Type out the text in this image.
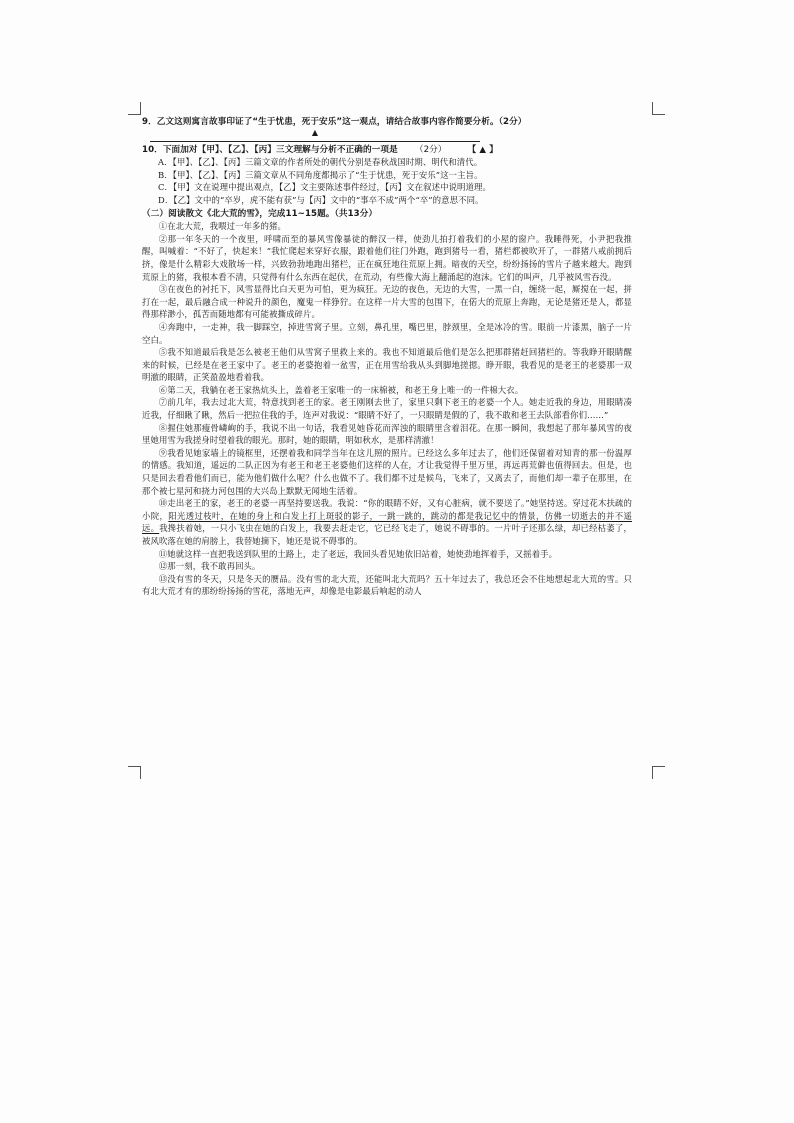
9．乙文这则寓言故事印证了“生于忧患，死于安乐”这一观点，请结合故事内容作简要分析。（2分）
▲
10．下面加对【甲】、【乙】、【丙】三文理解与分析不正确的一项是 （2分） 【 ▲ 】
A．【甲】、【乙】、【丙】三篇文章的作者所处的朝代分别是春秋战国时期、明代和清代。
B．【甲】、【乙】、【丙】三篇文章从不同角度都揭示了“生于忧患，死于安乐”这一主旨。
C．【甲】文在说理中提出观点，【乙】文主要陈述事件经过，【丙】文在叙述中说明道理。
D．【乙】文中的“卒岁，虎不能有获”与【丙】文中的“事卒不成”两个“卒”的意思不同。
（二）阅读散文《北大荒的雪》，完成11~15题。（共13分）
①在北大荒，我喂过一年多的猪。
②那一年冬天的一个夜里，呼啸而至的暴风雪像暴徒的醉汉一样，使劲儿拍打着我们的小屋的窗户。我睡得死，小尹把我推醒，叫喊着：“不好了，快起来！”我忙爬起来穿好衣服，跟着他们往门外跑，跑到猪号一看，猪栏都被吹开了，一群猪八戒前拥后挤，像是什么精彩大戏散场一样，兴致勃勃地跑出猪栏，正在疯狂地往荒原上拥。暗夜的天空，纷纷扬扬的雪片子越来越大。跑到荒原上的猪，我根本看不清，只觉得有什么东西在起伏，在荒动，有些像大海上翻涌起的泡沫。它们的叫声，几乎被风雪吞没。
③在夜色的衬托下，风雪显得比白天更为可怕，更为疯狂。无边的夜色，无边的大雪，一黑一白，缠绕一起，厮搅在一起，拼打在一起，最后融合成一种说升的颜色，魔鬼一样狰狞。在这样一片大雪的包围下，在偌大的荒原上奔跑，无论是猪还是人，都显得那样渺小，孤苦而随地都有可能被撕成碎片。
④奔跑中，一走神，我一脚踩空，掉进雪窝子里。立刻，鼻孔里，嘴巴里，脖颈里，全是冰冷的雪。眼前一片漆黑，脑子一片空白。
⑤我不知道最后我是怎么被老王他们从雪窝子里救上来的。我也不知道最后他们是怎么把那群猪赶回猪栏的。等我睁开眼睛醒来的时候，已经是在老王家中了。老王的老婆抱着一盆雪，正在用雪给我从头到脚地搓摁。睁开眼，我看见的是老王的老婆那一双明澈的眼睛，正笑盈盈地看着我。
⑥第二天，我躺在老王家热炕头上，盖着老王家唯一的一床棉被，和老王身上唯一的一件棉大衣。
⑦前几年，我去过北大荒，特意找到老王的家。老王刚刚去世了，家里只剩下老王的老婆一个人。她走近我的身边，用眼睛凑近我，仔细瞅了瞅，然后一把拉住我的手，连声对我说：“眼睛不好了，一只眼睛是假的了，我不敢和老王去队部看你们……”
⑧握住她那瘦骨嶙峋的手，我说不出一句话，我看见她昏花而浑浊的眼睛里含着泪花。在那一瞬间，我想起了那年暴风雪的夜里她用雪为我搓身时望着我的眼光。那时，她的眼睛，明如秋水，是那样清澈！
⑨我看见她家墙上的镜框里，还摆着我和同学当年在这儿照的照片。已经这么多年过去了，他们还保留着对知青的那一份温厚的情感。我知道，遥远的二队正因为有老王和老王老婆他们这样的人在，才让我觉得千里万里，再远再荒僻也值得回去。但是，也只是回去看看他们而已，能为他们做什么呢？什么也做不了。我们都不过是候鸟，飞来了，又离去了，而他们却一辈子在那里，在那个被七星河和挠力河包围的大兴岛上默默无闻地生活着。
⑩走出老王的家，老王的老婆一再坚持要送我。我说：“你的眼睛不好，又有心脏病，就不要送了。”她坚持送。穿过花木扶疏的小院，阳光透过枝叶，在她的身上和白发上打上斑驳的影子，一跳一跳的，跳动的都是我记忆中的情景，仿佛一切逝去的并不遥远。我搀扶着她，一只小飞虫在她的白发上，我要去赶走它，它已经飞走了，她说不碍事的。一片叶子还那么绿，却已经枯萎了，被风吹落在她的肩膀上，我替她摘下，她还是说不碍事的。
⑪她就这样一直把我送到队里的土路上，走了老远，我回头看见她依旧站着，她使劲地挥着手，又摇着手。
⑫那一刻，我不敢再回头。
⑬没有雪的冬天，只是冬天的赝品。没有雪的北大荒，还能叫北大荒吗？五十年过去了，我总还会不住地想起北大荒的雪。只有北大荒才有的那纷纷扬扬的雪花，落地无声，却像是电影最后响起的动人
